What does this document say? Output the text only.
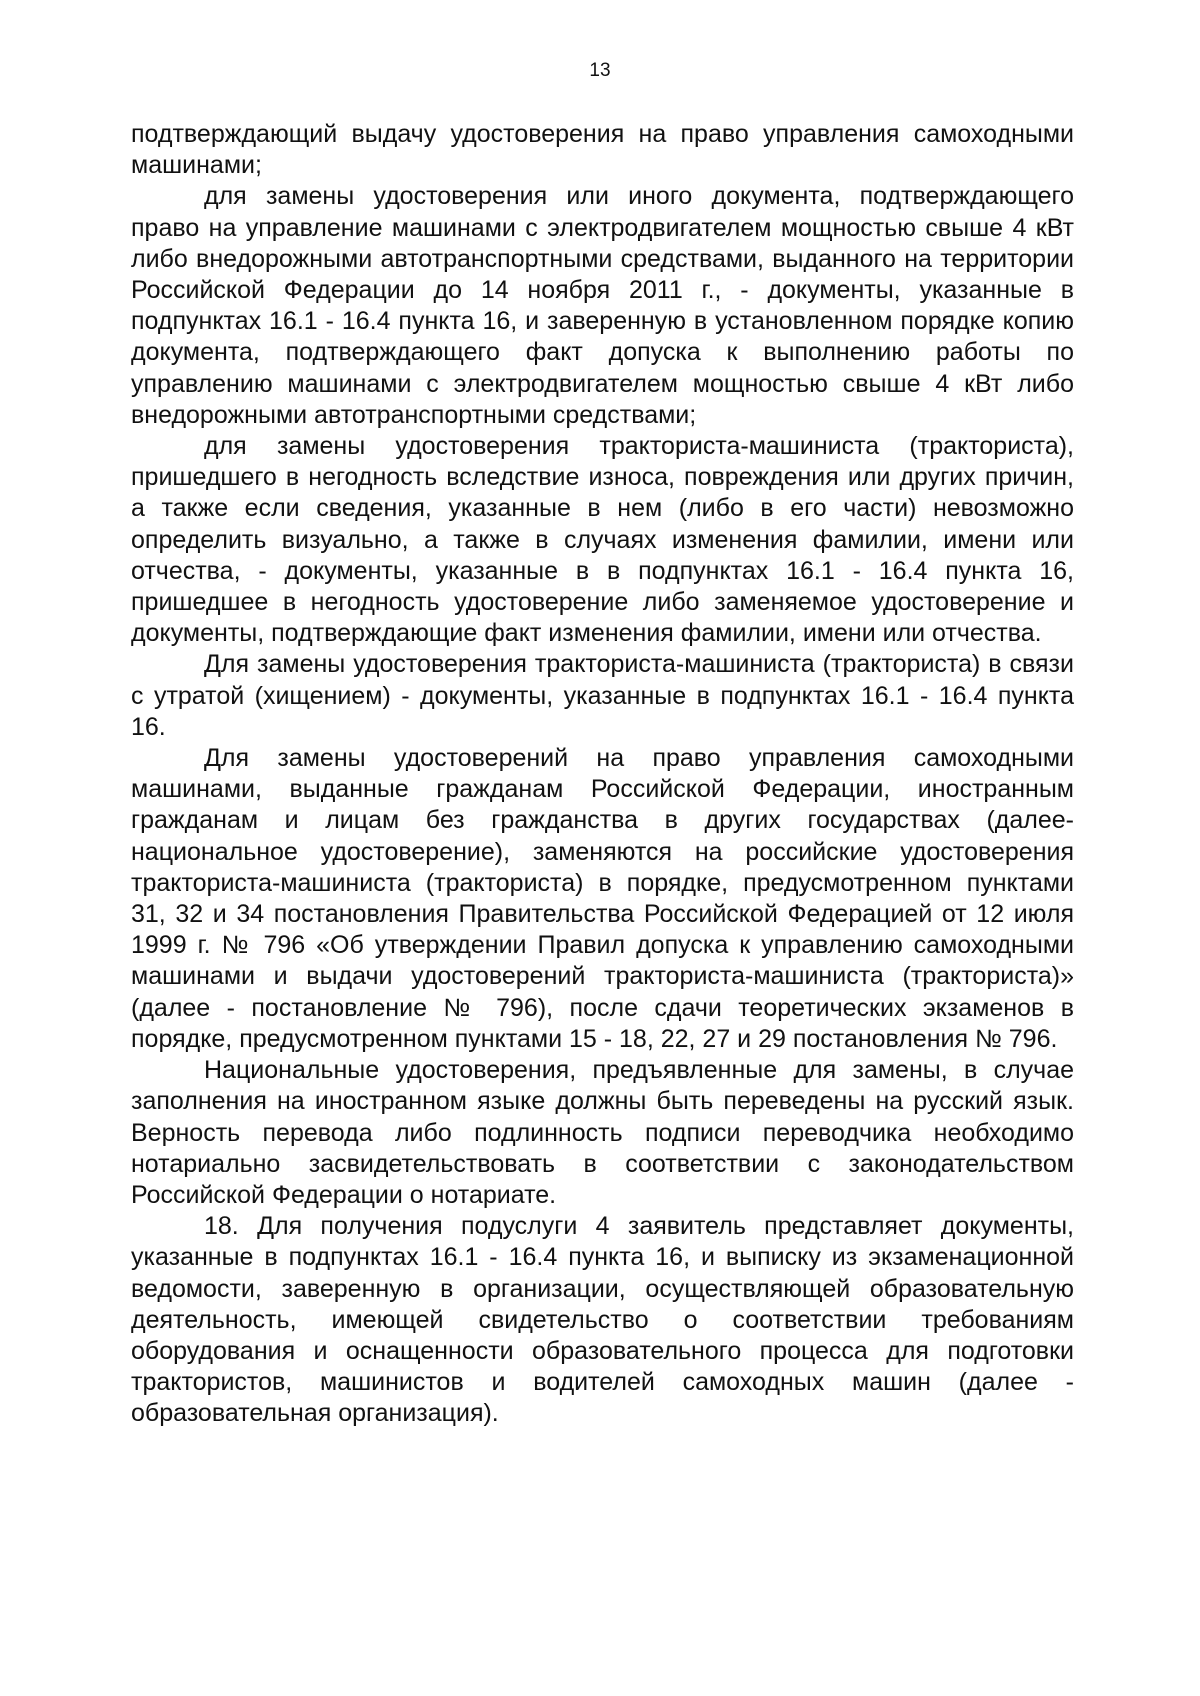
13

подтверждающий выдачу удостоверения на право управления самоходными машинами;

для замены удостоверения или иного документа, подтверждающего право на управление машинами с электродвигателем мощностью свыше 4 кВт либо внедорожными автотранспортными средствами, выданного на территории Российской Федерации до 14 ноября 2011 г., - документы, указанные в подпунктах 16.1 - 16.4 пункта 16, и заверенную в установленном порядке копию документа, подтверждающего факт допуска к выполнению работы по управлению машинами с электродвигателем мощностью свыше 4 кВт либо внедорожными автотранспортными средствами;

для замены удостоверения тракториста-машиниста (тракториста), пришедшего в негодность вследствие износа, повреждения или других причин, а также если сведения, указанные в нем (либо в его части) невозможно определить визуально, а также в случаях изменения фамилии, имени или отчества, - документы, указанные в в подпунктах 16.1 - 16.4 пункта 16, пришедшее в негодность удостоверение либо заменяемое удостоверение и документы, подтверждающие факт изменения фамилии, имени или отчества.

Для замены удостоверения тракториста-машиниста (тракториста) в связи с утратой (хищением) - документы, указанные в подпунктах 16.1 - 16.4 пункта 16.

Для замены удостоверений на право управления самоходными машинами, выданные гражданам Российской Федерации, иностранным гражданам и лицам без гражданства в других государствах (далее- национальное удостоверение), заменяются на российские удостоверения тракториста-машиниста (тракториста) в порядке, предусмотренном пунктами 31, 32 и 34 постановления Правительства Российской Федерацией от 12 июля 1999 г. № 796 «Об утверждении Правил допуска к управлению самоходными машинами и выдачи удостоверений тракториста-машиниста (тракториста)» (далее - постановление № 796), после сдачи теоретических экзаменов в порядке, предусмотренном пунктами 15 - 18, 22, 27 и 29 постановления № 796.

Национальные удостоверения, предъявленные для замены, в случае заполнения на иностранном языке должны быть переведены на русский язык. Верность перевода либо подлинность подписи переводчика необходимо нотариально засвидетельствовать в соответствии с законодательством Российской Федерации о нотариате.

18. Для получения подуслуги 4 заявитель представляет документы, указанные в подпунктах 16.1 - 16.4 пункта 16, и выписку из экзаменационной ведомости, заверенную в организации, осуществляющей образовательную деятельность, имеющей свидетельство о соответствии требованиям оборудования и оснащенности образовательного процесса для подготовки трактористов, машинистов и водителей самоходных машин (далее - образовательная организация).
